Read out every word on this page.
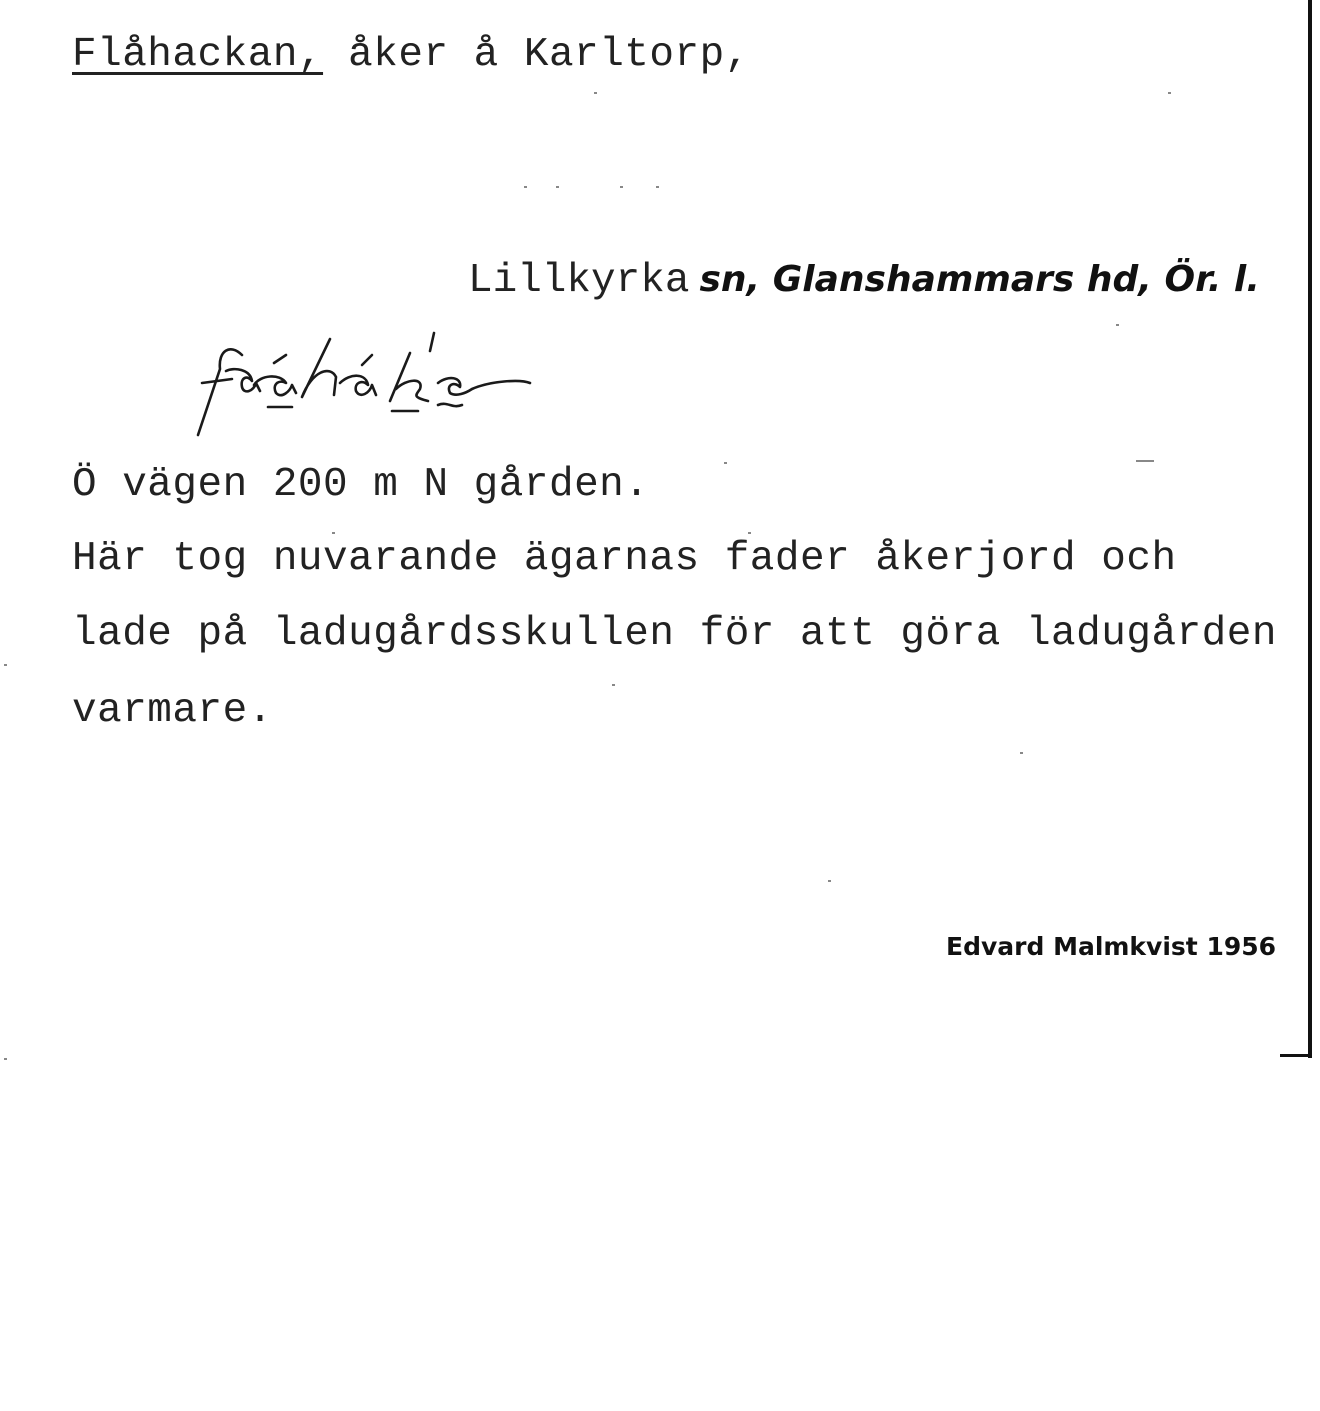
Flåhackan, åker å Karltorp,
Lillkyrka sn, Glanshammars hd, Ör. l.
Ö vägen 200 m N gården.
Här tog nuvarande ägarnas fader åkerjord och
lade på ladugårdsskullen för att göra ladugården
varmare.
Edvard Malmkvist 1956
